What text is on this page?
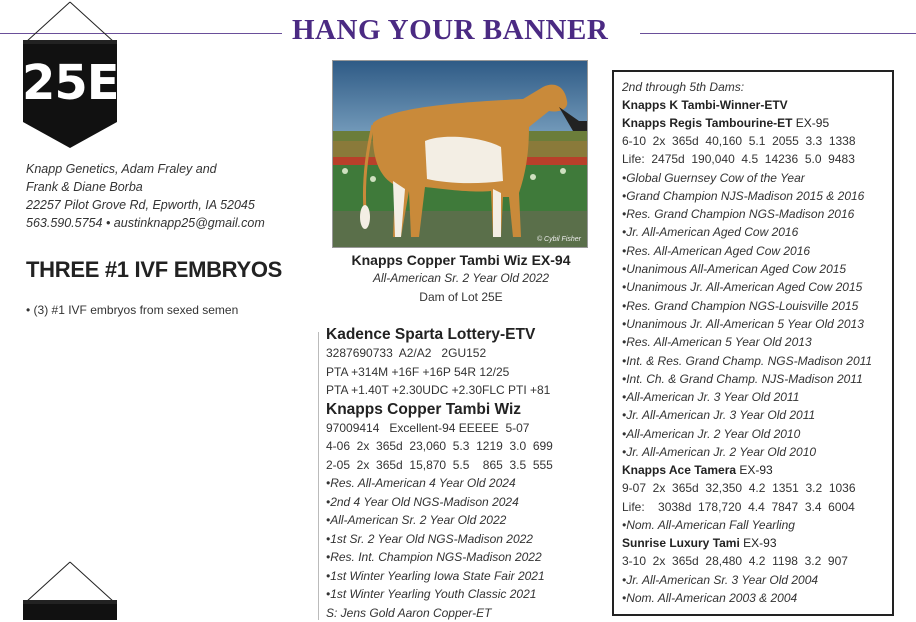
HANG YOUR BANNER
25E
Knapp Genetics, Adam Fraley and
Frank & Diane Borba
22257 Pilot Grove Rd, Epworth, IA 52045
563.590.5754 • austinknapp25@gmail.com
THREE #1 IVF EMBRYOS
• (3) #1 IVF embryos from sexed semen
© Cybil Fisher
Knapps Copper Tambi Wiz EX-94
All-American Sr. 2 Year Old 2022
Dam of Lot 25E
Kadence Sparta Lottery-ETV
3287690733  A2/A2   2GU152
PTA +314M +16F +16P 54R 12/25
PTA +1.40T +2.30UDC +2.30FLC PTI +81
Knapps Copper Tambi Wiz
97009414   Excellent-94 EEEEE  5-07
4-06  2x  365d  23,060  5.3  1219  3.0  699
2-05  2x  365d  15,870  5.5    865  3.5  555
•Res. All-American 4 Year Old 2024
•2nd 4 Year Old NGS-Madison 2024
•All-American Sr. 2 Year Old 2022
•1st Sr. 2 Year Old NGS-Madison 2022
•Res. Int. Champion NGS-Madison 2022
•1st Winter Yearling Iowa State Fair 2021
•1st Winter Yearling Youth Classic 2021
S: Jens Gold Aaron Copper-ET
2nd through 5th Dams:
Knapps K Tambi-Winner-ETV
Knapps Regis Tambourine-ET EX-95
6-10  2x  365d  40,160  5.1  2055  3.3  1338
Life:  2475d  190,040  4.5  14236  5.0  9483
•Global Guernsey Cow of the Year
•Grand Champion NJS-Madison 2015 & 2016
•Res. Grand Champion NGS-Madison 2016
•Jr. All-American Aged Cow 2016
•Res. All-American Aged Cow 2016
•Unanimous All-American Aged Cow 2015
•Unanimous Jr. All-American Aged Cow 2015
•Res. Grand Champion NGS-Louisville 2015
•Unanimous Jr. All-American 5 Year Old 2013
•Res. All-American 5 Year Old 2013
•Int. & Res. Grand Champ. NGS-Madison 2011
•Int. Ch. & Grand Champ. NJS-Madison 2011
•All-American Jr. 3 Year Old 2011
•Jr. All-American Jr. 3 Year Old 2011
•All-American Jr. 2 Year Old 2010
•Jr. All-American Jr. 2 Year Old 2010
Knapps Ace Tamera EX-93
9-07  2x  365d  32,350  4.2  1351  3.2  1036
Life:    3038d  178,720  4.4  7847  3.4  6004
•Nom. All-American Fall Yearling
Sunrise Luxury Tami EX-93
3-10  2x  365d  28,480  4.2  1198  3.2  907
•Jr. All-American Sr. 3 Year Old 2004
•Nom. All-American 2003 & 2004
